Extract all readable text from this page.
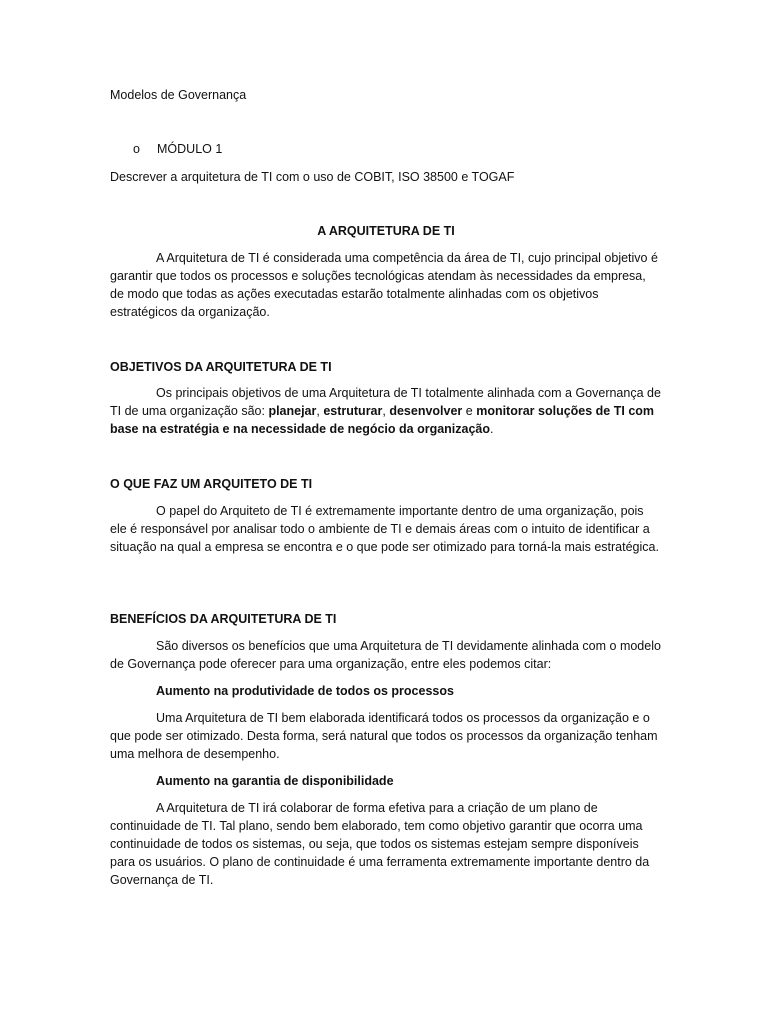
Modelos de Governança

o MÓDULO 1

Descrever a arquitetura de TI com o uso de COBIT, ISO 38500 e TOGAF

A ARQUITETURA DE TI

A Arquitetura de TI é considerada uma competência da área de TI, cujo principal objetivo é garantir que todos os processos e soluções tecnológicas atendam às necessidades da empresa, de modo que todas as ações executadas estarão totalmente alinhadas com os objetivos estratégicos da organização.

OBJETIVOS DA ARQUITETURA DE TI

Os principais objetivos de uma Arquitetura de TI totalmente alinhada com a Governança de TI de uma organização são: planejar, estruturar, desenvolver e monitorar soluções de TI com base na estratégia e na necessidade de negócio da organização.

O QUE FAZ UM ARQUITETO DE TI

O papel do Arquiteto de TI é extremamente importante dentro de uma organização, pois ele é responsável por analisar todo o ambiente de TI e demais áreas com o intuito de identificar a situação na qual a empresa se encontra e o que pode ser otimizado para torná-la mais estratégica.

BENEFÍCIOS DA ARQUITETURA DE TI

São diversos os benefícios que uma Arquitetura de TI devidamente alinhada com o modelo de Governança pode oferecer para uma organização, entre eles podemos citar:

Aumento na produtividade de todos os processos

Uma Arquitetura de TI bem elaborada identificará todos os processos da organização e o que pode ser otimizado. Desta forma, será natural que todos os processos da organização tenham uma melhora de desempenho.

Aumento na garantia de disponibilidade

A Arquitetura de TI irá colaborar de forma efetiva para a criação de um plano de continuidade de TI. Tal plano, sendo bem elaborado, tem como objetivo garantir que ocorra uma continuidade de todos os sistemas, ou seja, que todos os sistemas estejam sempre disponíveis para os usuários. O plano de continuidade é uma ferramenta extremamente importante dentro da Governança de TI.
